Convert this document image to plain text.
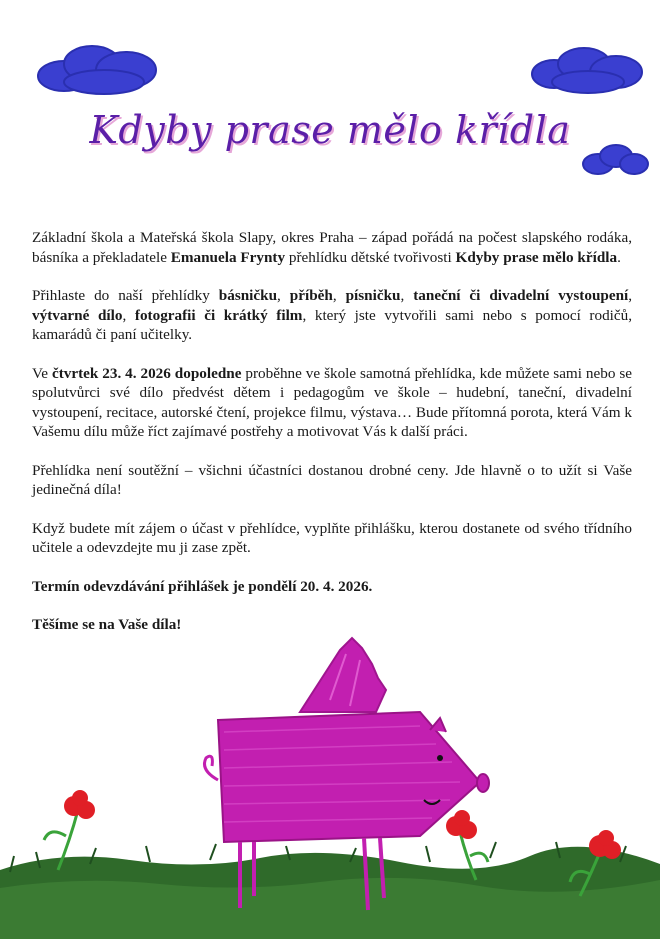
Kdyby prase mělo křídla

Základní škola a Mateřská škola Slapy, okres Praha – západ pořádá na počest slapského rodáka, básníka a překladatele Emanuela Frynty přehlídku dětské tvořivosti Kdyby prase mělo křídla.

Přihlaste do naší přehlídky básničku, příběh, písničku, taneční či divadelní vystoupení, výtvarné dílo, fotografii či krátký film, který jste vytvořili sami nebo s pomocí rodičů, kamarádů či paní učitelky.

Ve čtvrtek 23. 4. 2026 dopoledne proběhne ve škole samotná přehlídka, kde můžete sami nebo se spolutvůrci své dílo předvést dětem i pedagogům ve škole – hudební, taneční, divadelní vystoupení, recitace, autorské čtení, projekce filmu, výstava… Bude přítomná porota, která Vám k Vašemu dílu může říct zajímavé postřehy a motivovat Vás k další práci.

Přehlídka není soutěžní – všichni účastníci dostanou drobné ceny. Jde hlavně o to užít si Vaše jedinečná díla!

Když budete mít zájem o účast v přehlídce, vyplňte přihlášku, kterou dostanete od svého třídního učitele a odevzdejte mu ji zase zpět.

Termín odevzdávání přihlášek je pondělí 20. 4. 2026.

Těšíme se na Vaše díla!
